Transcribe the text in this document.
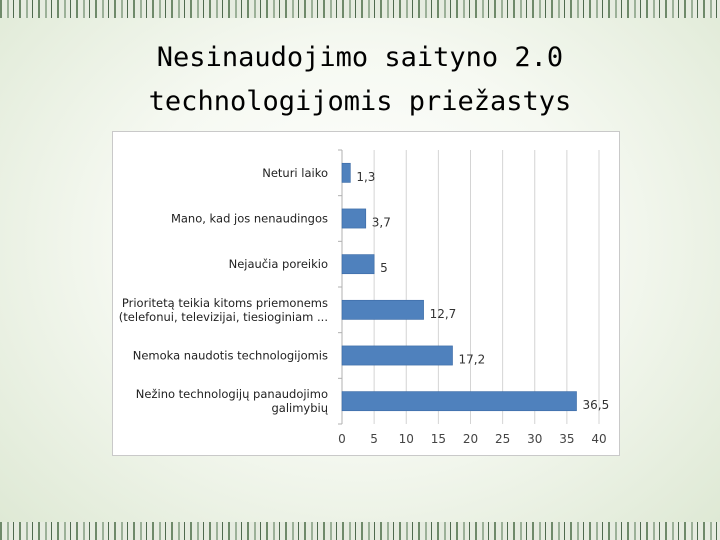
Nesinaudojimo saityno 2.0
technologijomis priežastys
0 5 10 15 20 25 30 35 40
1,3
Neturi laiko
3,7
Mano, kad jos nenaudingos
5
Nejaučia poreikio
12,7
Prioritetą teikia kitoms priemonems
(telefonui, televizijai, tiesioginiam ...
17,2
Nemoka naudotis technologijomis
36,5
Nežino technologijų panaudojimo
galimybių
